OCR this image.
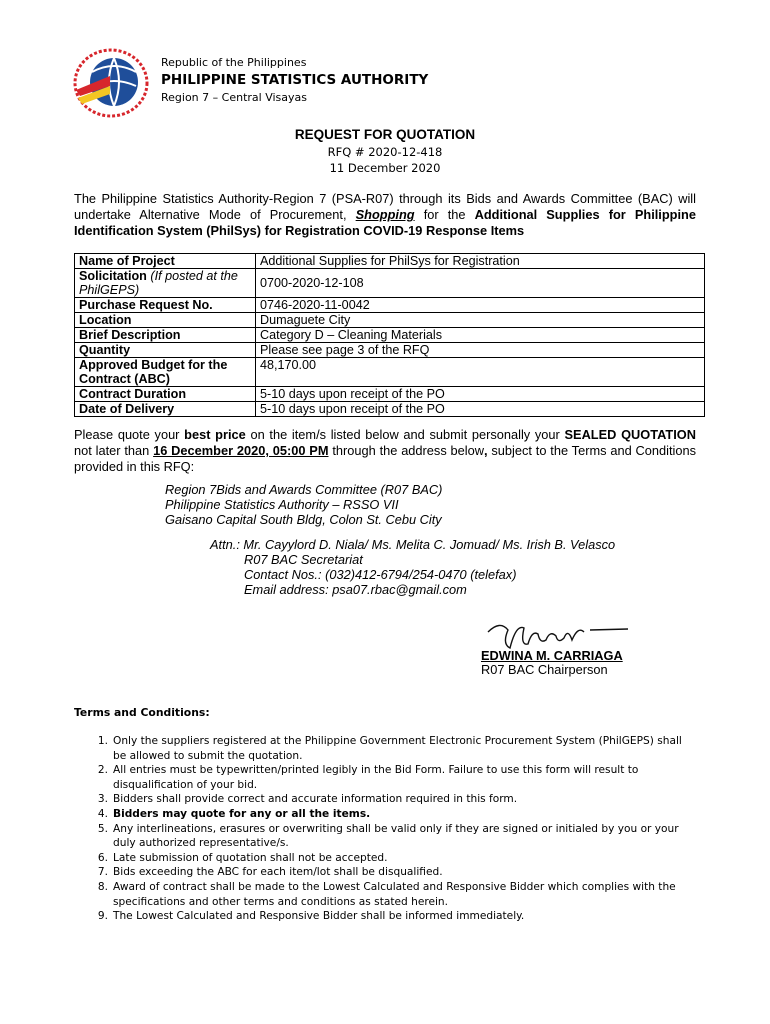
Republic of the Philippines
PHILIPPINE STATISTICS AUTHORITY
Region 7 – Central Visayas
REQUEST FOR QUOTATION
RFQ # 2020-12-418
11 December 2020
The Philippine Statistics Authority-Region 7 (PSA-R07) through its Bids and Awards Committee (BAC) will undertake Alternative Mode of Procurement, Shopping for the Additional Supplies for Philippine Identification System (PhilSys) for Registration COVID-19 Response Items
Name of Project	Additional Supplies for PhilSys for Registration
Solicitation (If posted at the PhilGEPS)	0700-2020-12-108
Purchase Request No.	0746-2020-11-0042
Location	Dumaguete City
Brief Description	Category D – Cleaning Materials
Quantity	Please see page 3 of the RFQ
Approved Budget for the Contract (ABC)	48,170.00
Contract Duration	5-10 days upon receipt of the PO
Date of Delivery	5-10 days upon receipt of the PO
Please quote your best price on the item/s listed below and submit personally your SEALED QUOTATION not later than 16 December 2020, 05:00 PM through the address below, subject to the Terms and Conditions provided in this RFQ:
Region 7Bids and Awards Committee (R07 BAC)
Philippine Statistics Authority – RSSO VII
Gaisano Capital South Bldg, Colon St. Cebu City
Attn.: Mr. Cayylord D. Niala/ Ms. Melita C. Jomuad/ Ms. Irish B. Velasco
R07 BAC Secretariat
Contact Nos.: (032)412-6794/254-0470 (telefax)
Email address: psa07.rbac@gmail.com
EDWINA M. CARRIAGA
R07 BAC Chairperson
Terms and Conditions:
1. Only the suppliers registered at the Philippine Government Electronic Procurement System (PhilGEPS) shall be allowed to submit the quotation.
2. All entries must be typewritten/printed legibly in the Bid Form. Failure to use this form will result to disqualification of your bid.
3. Bidders shall provide correct and accurate information required in this form.
4. Bidders may quote for any or all the items.
5. Any interlineations, erasures or overwriting shall be valid only if they are signed or initialed by you or your duly authorized representative/s.
6. Late submission of quotation shall not be accepted.
7. Bids exceeding the ABC for each item/lot shall be disqualified.
8. Award of contract shall be made to the Lowest Calculated and Responsive Bidder which complies with the specifications and other terms and conditions as stated herein.
9. The Lowest Calculated and Responsive Bidder shall be informed immediately.
